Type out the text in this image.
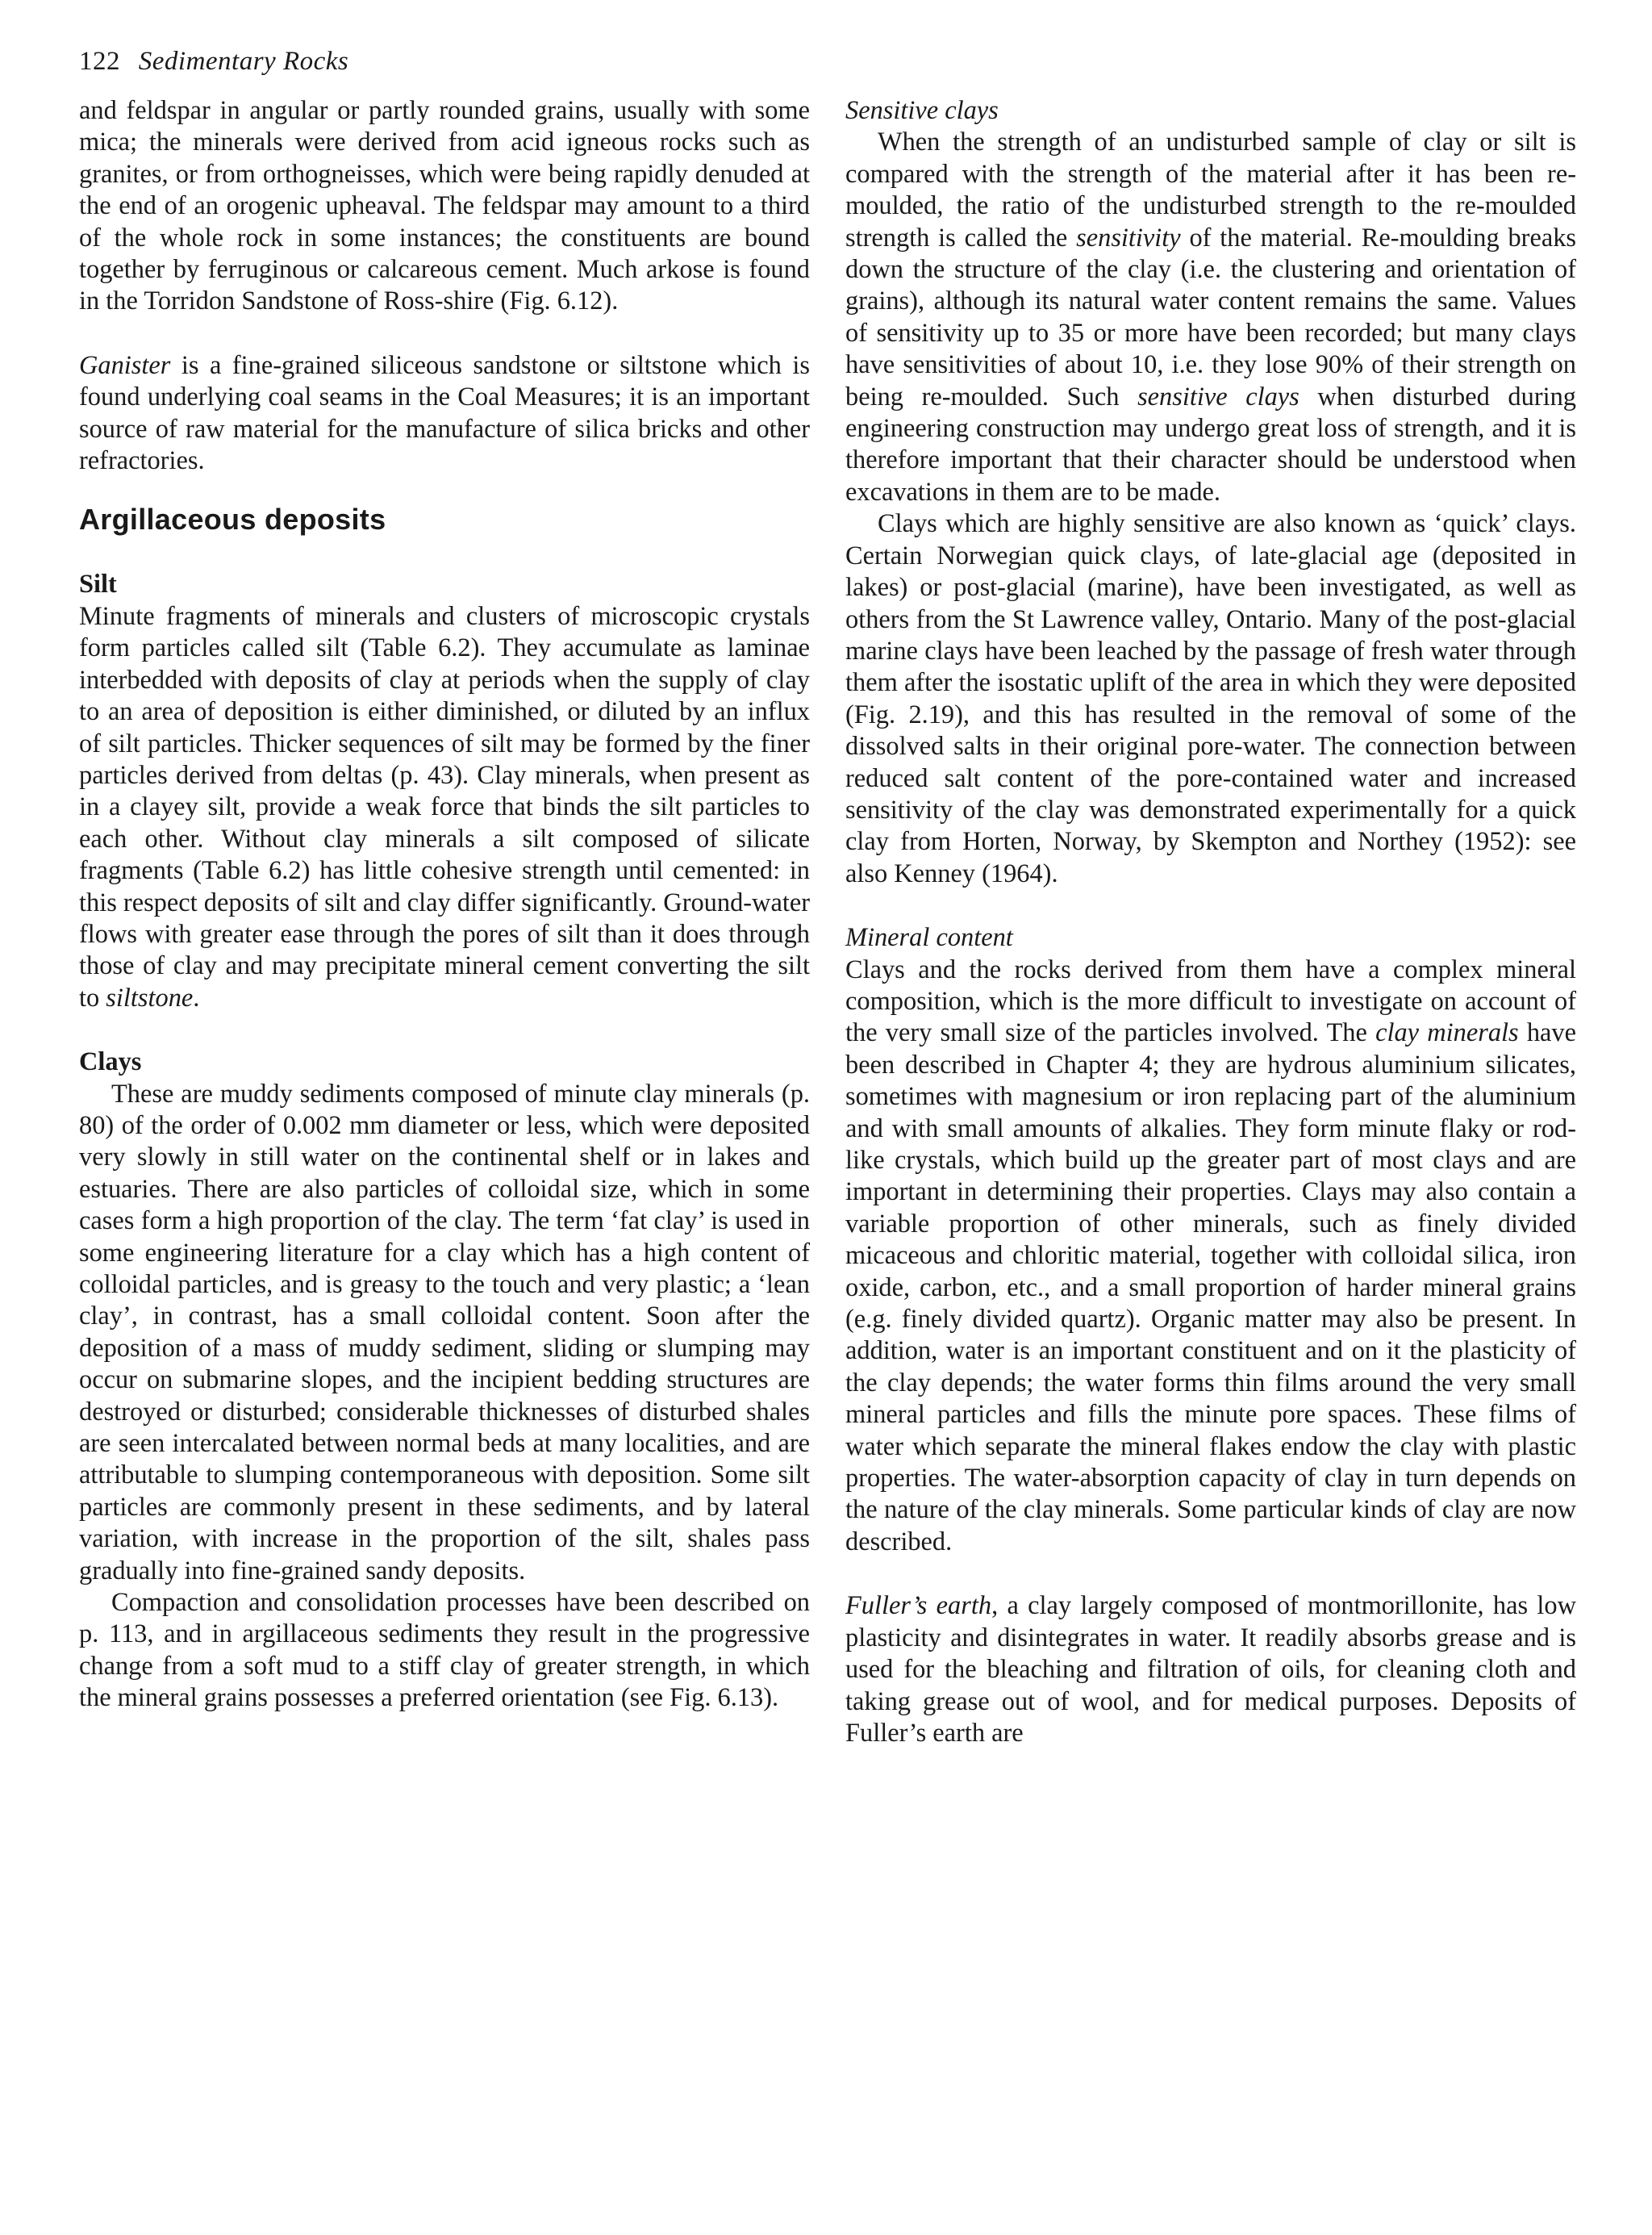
122 Sedimentary Rocks

and feldspar in angular or partly rounded grains, usually with some mica; the minerals were derived from acid igneous rocks such as granites, or from orthogneisses, which were being rapidly denuded at the end of an orogenic upheaval. The feldspar may amount to a third of the whole rock in some instances; the constituents are bound together by ferruginous or calcareous cement. Much arkose is found in the Torridon Sandstone of Ross-shire (Fig. 6.12).

Ganister is a fine-grained siliceous sandstone or siltstone which is found underlying coal seams in the Coal Measures; it is an important source of raw material for the manufacture of silica bricks and other refractories.

Argillaceous deposits

Silt

Minute fragments of minerals and clusters of microscopic crystals form particles called silt (Table 6.2). They accumulate as laminae interbedded with deposits of clay at periods when the supply of clay to an area of deposition is either diminished, or diluted by an influx of silt particles. Thicker sequences of silt may be formed by the finer particles derived from deltas (p. 43). Clay minerals, when present as in a clayey silt, provide a weak force that binds the silt particles to each other. Without clay minerals a silt composed of silicate fragments (Table 6.2) has little cohesive strength until cemented: in this respect deposits of silt and clay differ significantly. Ground-water flows with greater ease through the pores of silt than it does through those of clay and may precipitate mineral cement converting the silt to siltstone.

Clays

These are muddy sediments composed of minute clay minerals (p. 80) of the order of 0.002 mm diameter or less, which were deposited very slowly in still water on the continental shelf or in lakes and estuaries. There are also particles of colloidal size, which in some cases form a high proportion of the clay. The term ‘fat clay’ is used in some engineering literature for a clay which has a high content of colloidal particles, and is greasy to the touch and very plastic; a ‘lean clay’, in contrast, has a small colloidal content. Soon after the deposition of a mass of muddy sediment, sliding or slumping may occur on submarine slopes, and the incipient bedding structures are destroyed or disturbed; considerable thicknesses of disturbed shales are seen intercalated between normal beds at many localities, and are attributable to slumping contemporaneous with deposition. Some silt particles are commonly present in these sediments, and by lateral variation, with increase in the proportion of the silt, shales pass gradually into fine-grained sandy deposits.

Compaction and consolidation processes have been described on p. 113, and in argillaceous sediments they result in the progressive change from a soft mud to a stiff clay of greater strength, in which the mineral grains possesses a preferred orientation (see Fig. 6.13).

Sensitive clays

When the strength of an undisturbed sample of clay or silt is compared with the strength of the material after it has been re-moulded, the ratio of the undisturbed strength to the re-moulded strength is called the sensitivity of the material. Re-moulding breaks down the structure of the clay (i.e. the clustering and orientation of grains), although its natural water content remains the same. Values of sensitivity up to 35 or more have been recorded; but many clays have sensitivities of about 10, i.e. they lose 90% of their strength on being re-moulded. Such sensitive clays when disturbed during engineering construction may undergo great loss of strength, and it is therefore important that their character should be understood when excavations in them are to be made.

Clays which are highly sensitive are also known as ‘quick’ clays. Certain Norwegian quick clays, of late-glacial age (deposited in lakes) or post-glacial (marine), have been investigated, as well as others from the St Lawrence valley, Ontario. Many of the post-glacial marine clays have been leached by the passage of fresh water through them after the isostatic uplift of the area in which they were deposited (Fig. 2.19), and this has resulted in the removal of some of the dissolved salts in their original pore-water. The connection between reduced salt content of the pore-contained water and increased sensitivity of the clay was demonstrated experimentally for a quick clay from Horten, Norway, by Skempton and Northey (1952): see also Kenney (1964).

Mineral content

Clays and the rocks derived from them have a complex mineral composition, which is the more difficult to investigate on account of the very small size of the particles involved. The clay minerals have been described in Chapter 4; they are hydrous aluminium silicates, sometimes with magnesium or iron replacing part of the aluminium and with small amounts of alkalies. They form minute flaky or rod-like crystals, which build up the greater part of most clays and are important in determining their properties. Clays may also contain a variable proportion of other minerals, such as finely divided micaceous and chloritic material, together with colloidal silica, iron oxide, carbon, etc., and a small proportion of harder mineral grains (e.g. finely divided quartz). Organic matter may also be present. In addition, water is an important constituent and on it the plasticity of the clay depends; the water forms thin films around the very small mineral particles and fills the minute pore spaces. These films of water which separate the mineral flakes endow the clay with plastic properties. The water-absorption capacity of clay in turn depends on the nature of the clay minerals. Some particular kinds of clay are now described.

Fuller’s earth, a clay largely composed of montmorillonite, has low plasticity and disintegrates in water. It readily absorbs grease and is used for the bleaching and filtration of oils, for cleaning cloth and taking grease out of wool, and for medical purposes. Deposits of Fuller’s earth are
